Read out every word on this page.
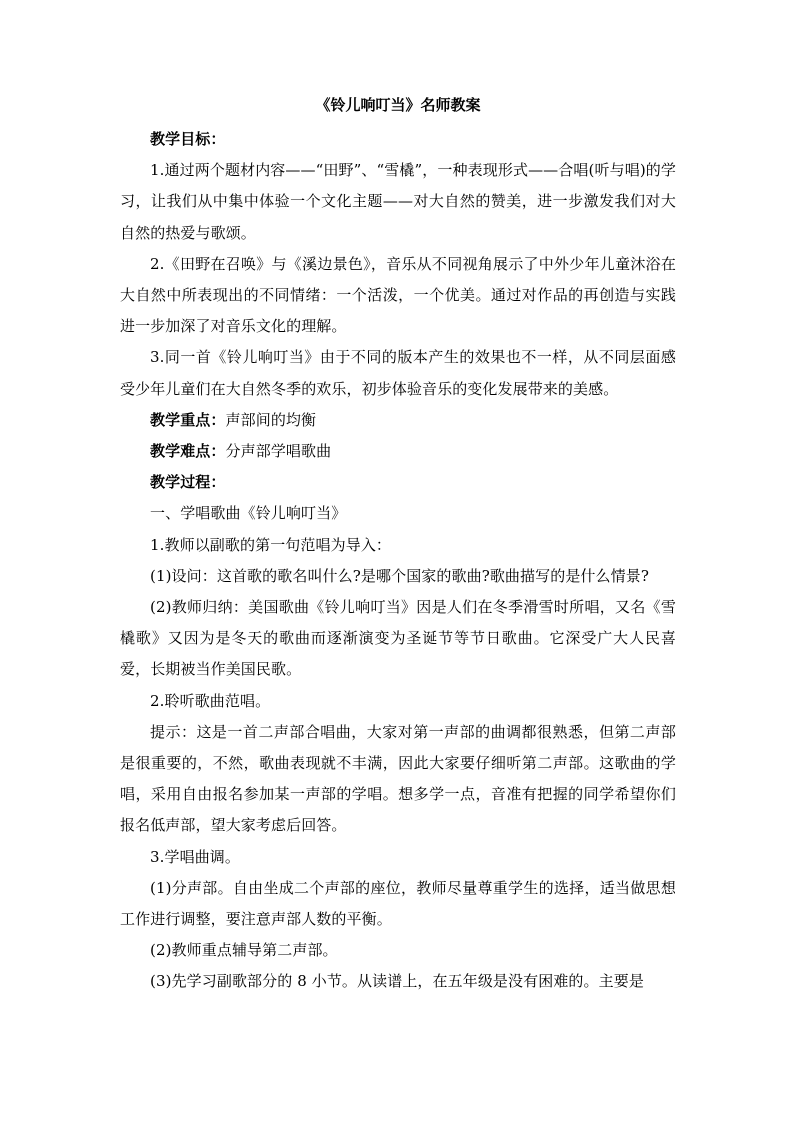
《铃儿响叮当》名师教案

教学目标：

1.通过两个题材内容——“田野”、“雪橇”，一种表现形式——合唱(听与唱)的学习，让我们从中集中体验一个文化主题——对大自然的赞美，进一步激发我们对大自然的热爱与歌颂。

2.《田野在召唤》与《溪边景色》，音乐从不同视角展示了中外少年儿童沐浴在大自然中所表现出的不同情绪：一个活泼，一个优美。通过对作品的再创造与实践进一步加深了对音乐文化的理解。

3.同一首《铃儿响叮当》由于不同的版本产生的效果也不一样，从不同层面感受少年儿童们在大自然冬季的欢乐，初步体验音乐的变化发展带来的美感。

教学重点：声部间的均衡

教学难点：分声部学唱歌曲

教学过程：

一、学唱歌曲《铃儿响叮当》

1.教师以副歌的第一句范唱为导入：

(1)设问：这首歌的歌名叫什么?是哪个国家的歌曲?歌曲描写的是什么情景?

(2)教师归纳：美国歌曲《铃儿响叮当》因是人们在冬季滑雪时所唱，又名《雪橇歌》又因为是冬天的歌曲而逐渐演变为圣诞节等节日歌曲。它深受广大人民喜爱，长期被当作美国民歌。

2.聆听歌曲范唱。

提示：这是一首二声部合唱曲，大家对第一声部的曲调都很熟悉，但第二声部是很重要的，不然，歌曲表现就不丰满，因此大家要仔细听第二声部。这歌曲的学唱，采用自由报名参加某一声部的学唱。想多学一点，音准有把握的同学希望你们报名低声部，望大家考虑后回答。

3.学唱曲调。

(1)分声部。自由坐成二个声部的座位，教师尽量尊重学生的选择，适当做思想工作进行调整，要注意声部人数的平衡。

(2)教师重点辅导第二声部。

(3)先学习副歌部分的 8 小节。从读谱上，在五年级是没有困难的。主要是
